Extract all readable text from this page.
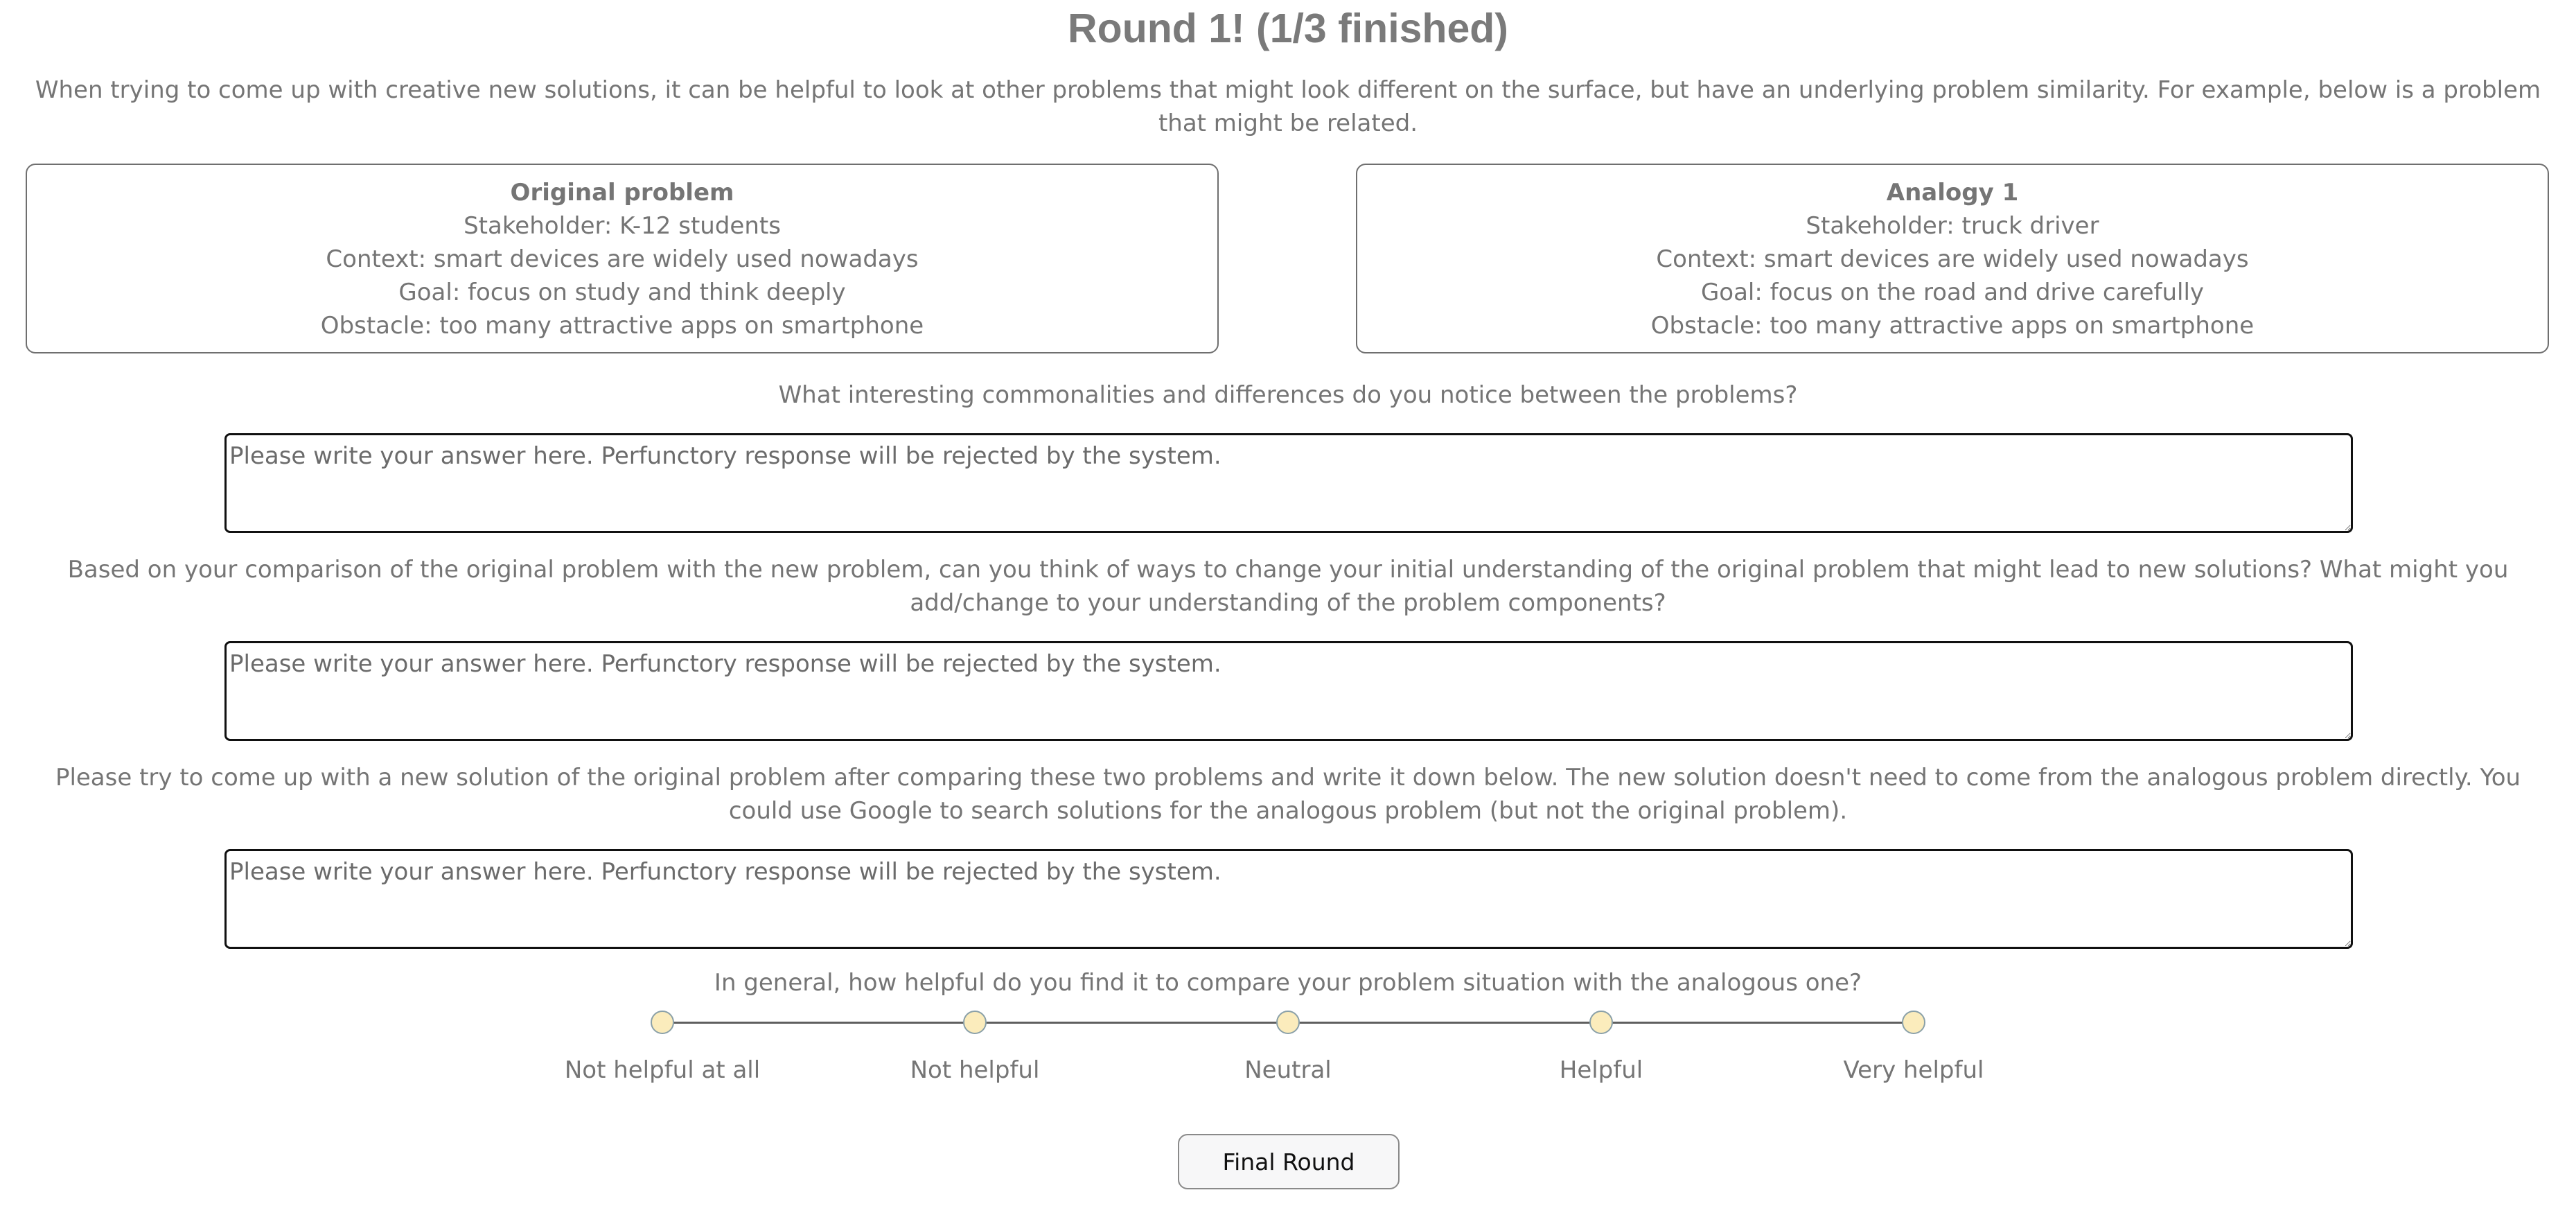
Round 1! (1/3 finished)
When trying to come up with creative new solutions, it can be helpful to look at other problems that might look different on the surface, but have an underlying problem similarity. For example, below is a problem that might be related.
Original problem
Stakeholder: K-12 students
Context: smart devices are widely used nowadays
Goal: focus on study and think deeply
Obstacle: too many attractive apps on smartphone
Analogy 1
Stakeholder: truck driver
Context: smart devices are widely used nowadays
Goal: focus on the road and drive carefully
Obstacle: too many attractive apps on smartphone
What interesting commonalities and differences do you notice between the problems?
Please write your answer here. Perfunctory response will be rejected by the system.
Based on your comparison of the original problem with the new problem, can you think of ways to change your initial understanding of the original problem that might lead to new solutions? What might you add/change to your understanding of the problem components?
Please write your answer here. Perfunctory response will be rejected by the system.
Please try to come up with a new solution of the original problem after comparing these two problems and write it down below. The new solution doesn't need to come from the analogous problem directly. You could use Google to search solutions for the analogous problem (but not the original problem).
Please write your answer here. Perfunctory response will be rejected by the system.
In general, how helpful do you find it to compare your problem situation with the analogous one?
Not helpful at all	Not helpful	Neutral	Helpful	Very helpful
Final Round
